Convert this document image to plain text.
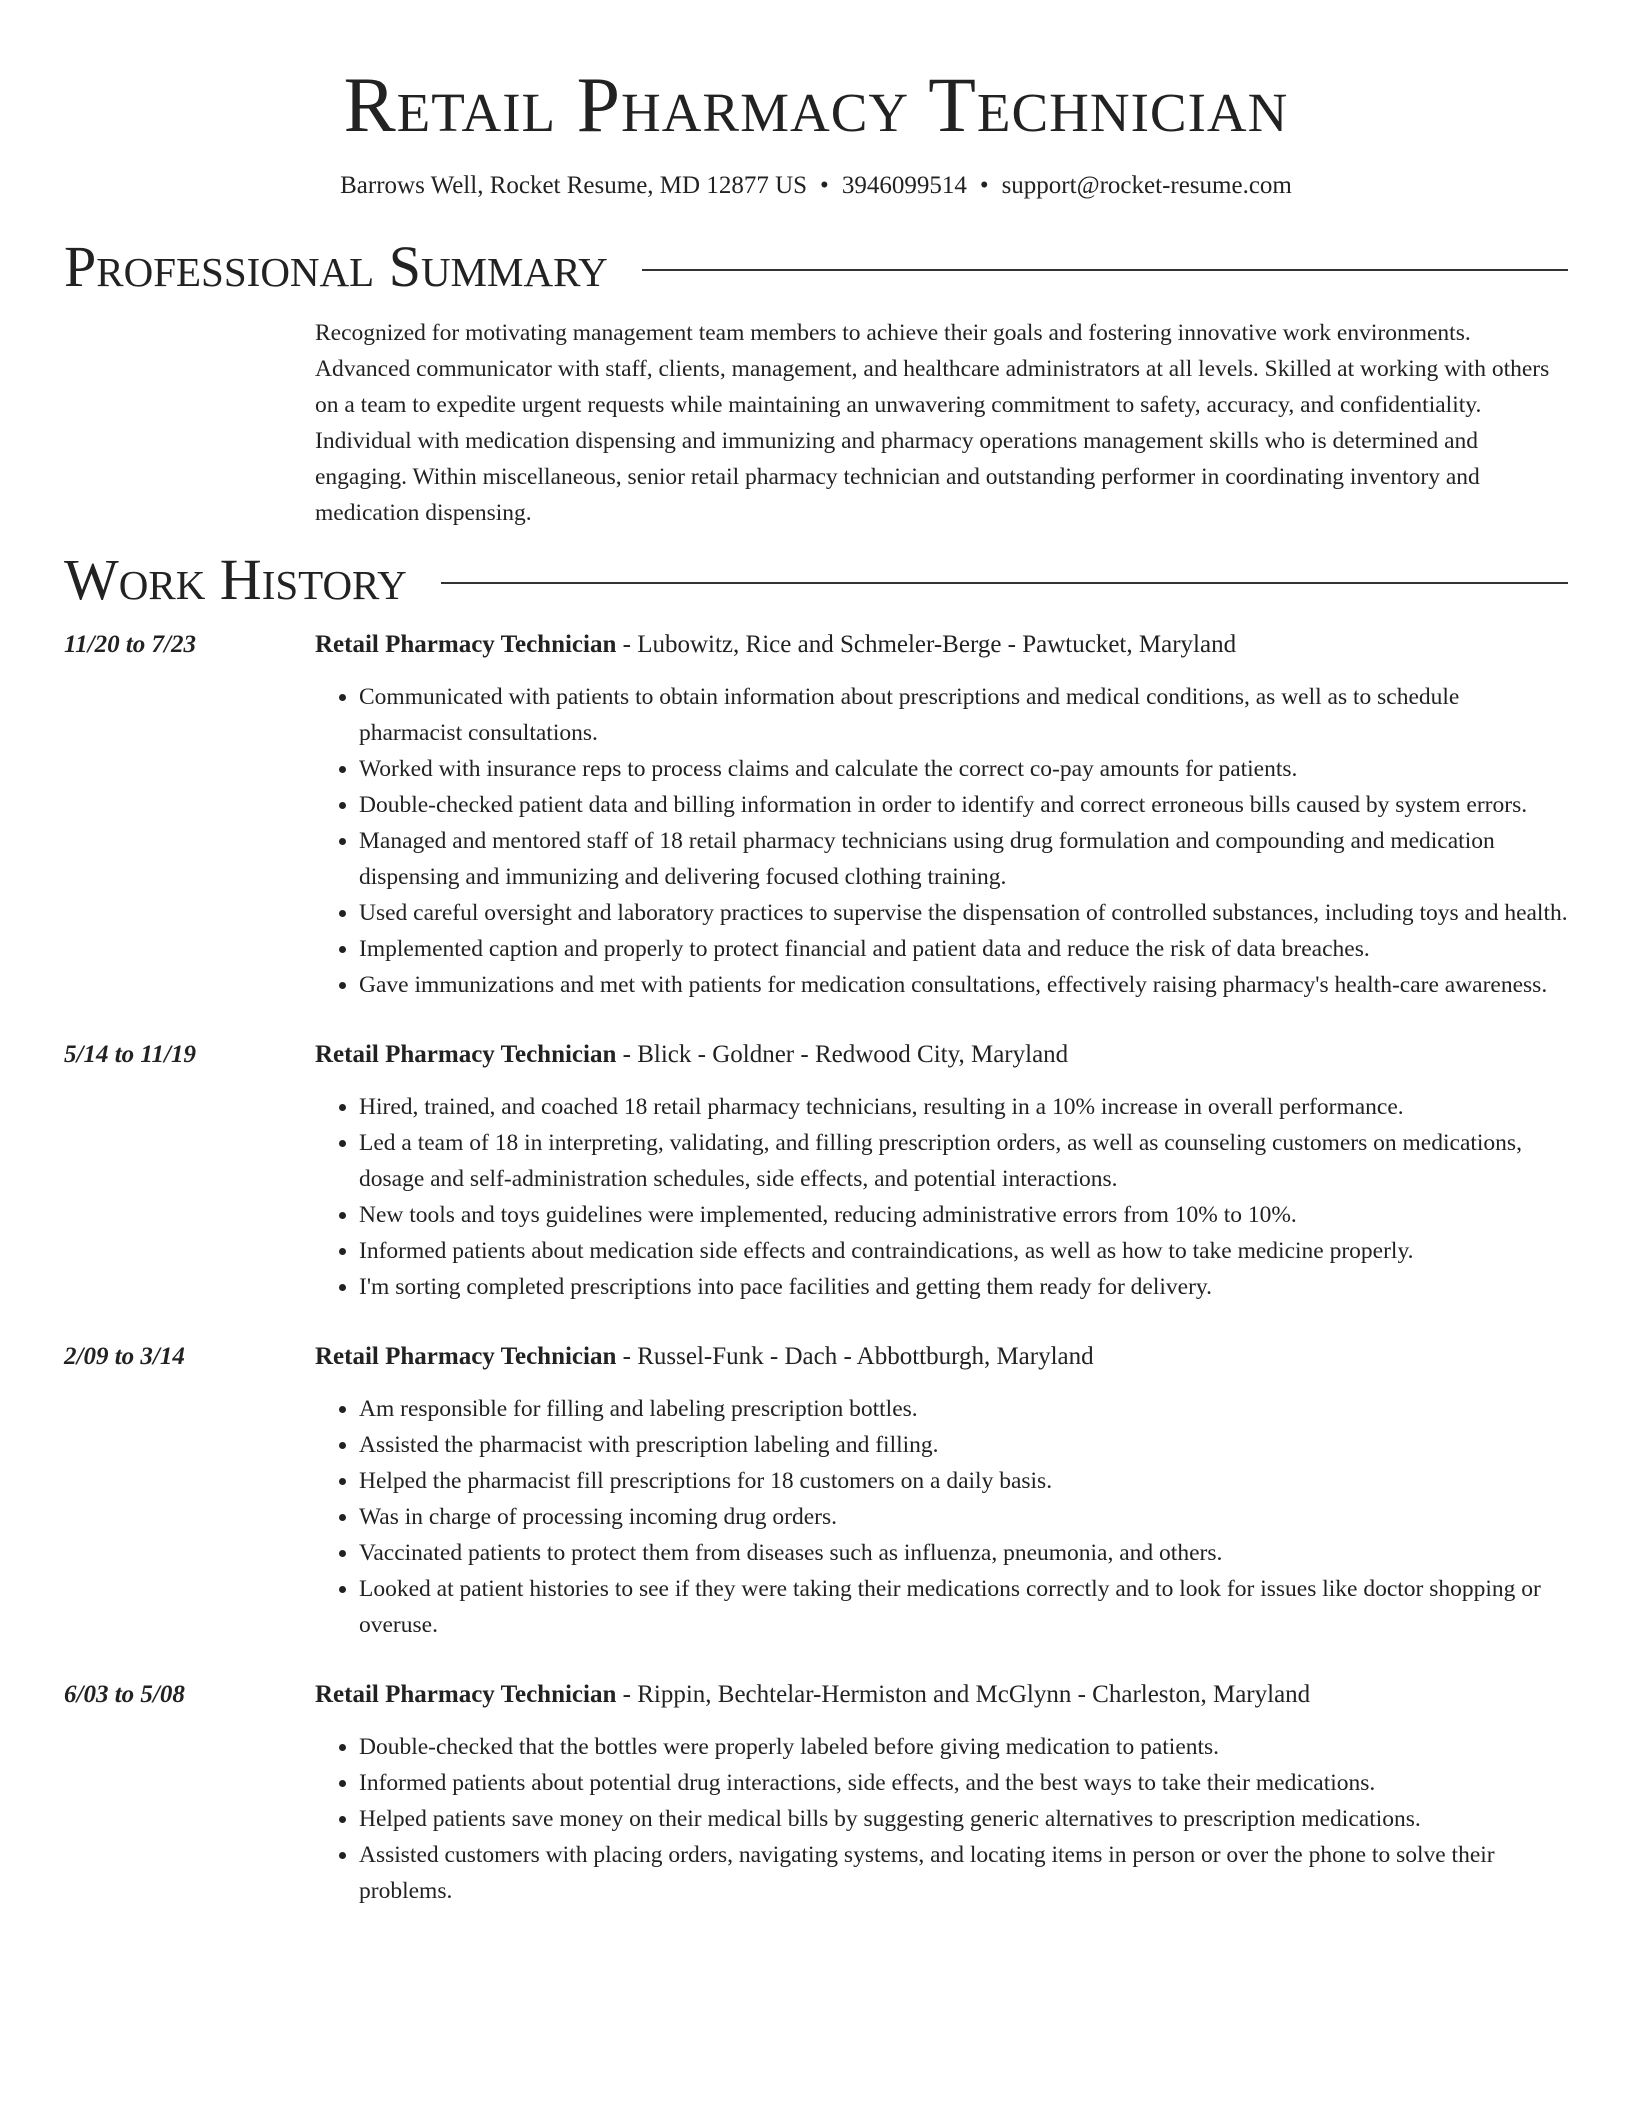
Retail Pharmacy Technician
Barrows Well, Rocket Resume, MD 12877 US • 3946099514 • support@rocket-resume.com
Professional Summary

Recognized for motivating management team members to achieve their goals and fostering innovative work environments. Advanced communicator with staff, clients, management, and healthcare administrators at all levels. Skilled at working with others on a team to expedite urgent requests while maintaining an unwavering commitment to safety, accuracy, and confidentiality. Individual with medication dispensing and immunizing and pharmacy operations management skills who is determined and engaging. Within miscellaneous, senior retail pharmacy technician and outstanding performer in coordinating inventory and medication dispensing.

Work History
11/20 to 7/23	Retail Pharmacy Technician - Lubowitz, Rice and Schmeler-Berge - Pawtucket, Maryland
• Communicated with patients to obtain information about prescriptions and medical conditions, as well as to schedule pharmacist consultations.
• Worked with insurance reps to process claims and calculate the correct co-pay amounts for patients.
• Double-checked patient data and billing information in order to identify and correct erroneous bills caused by system errors.
• Managed and mentored staff of 18 retail pharmacy technicians using drug formulation and compounding and medication dispensing and immunizing and delivering focused clothing training.
• Used careful oversight and laboratory practices to supervise the dispensation of controlled substances, including toys and health.
• Implemented caption and properly to protect financial and patient data and reduce the risk of data breaches.
• Gave immunizations and met with patients for medication consultations, effectively raising pharmacy's health-care awareness.
5/14 to 11/19	Retail Pharmacy Technician - Blick - Goldner - Redwood City, Maryland
• Hired, trained, and coached 18 retail pharmacy technicians, resulting in a 10% increase in overall performance.
• Led a team of 18 in interpreting, validating, and filling prescription orders, as well as counseling customers on medications, dosage and self-administration schedules, side effects, and potential interactions.
• New tools and toys guidelines were implemented, reducing administrative errors from 10% to 10%.
• Informed patients about medication side effects and contraindications, as well as how to take medicine properly.
• I'm sorting completed prescriptions into pace facilities and getting them ready for delivery.
2/09 to 3/14	Retail Pharmacy Technician - Russel-Funk - Dach - Abbottburgh, Maryland
• Am responsible for filling and labeling prescription bottles.
• Assisted the pharmacist with prescription labeling and filling.
• Helped the pharmacist fill prescriptions for 18 customers on a daily basis.
• Was in charge of processing incoming drug orders.
• Vaccinated patients to protect them from diseases such as influenza, pneumonia, and others.
• Looked at patient histories to see if they were taking their medications correctly and to look for issues like doctor shopping or overuse.
6/03 to 5/08	Retail Pharmacy Technician - Rippin, Bechtelar-Hermiston and McGlynn - Charleston, Maryland
• Double-checked that the bottles were properly labeled before giving medication to patients.
• Informed patients about potential drug interactions, side effects, and the best ways to take their medications.
• Helped patients save money on their medical bills by suggesting generic alternatives to prescription medications.
• Assisted customers with placing orders, navigating systems, and locating items in person or over the phone to solve their problems.
